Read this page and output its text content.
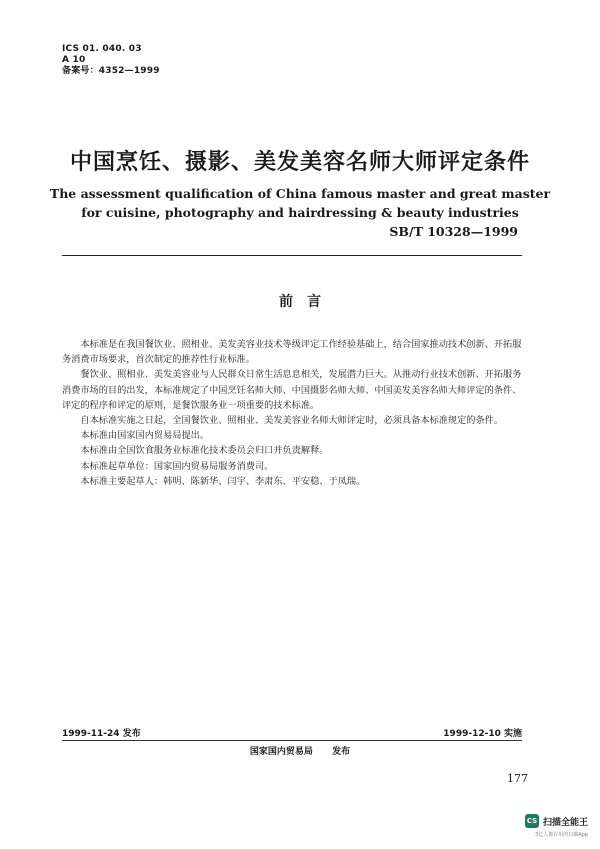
ICS 01. 040. 03
A 10
备案号：4352—1999
中国烹饪、摄影、美发美容名师大师评定条件
The assessment qualification of China famous master and great master
for cuisine, photography and hairdressing & beauty industries
SB/T 10328—1999
前言

本标准是在我国餐饮业、照相业、美发美容业技术等级评定工作经验基础上，结合国家推动技术创新、开拓服务消费市场要求，首次制定的推荐性行业标准。

餐饮业、照相业、美发美容业与人民群众日常生活息息相关，发展潜力巨大。从推动行业技术创新、开拓服务消费市场的目的出发，本标准规定了中国烹饪名师大师、中国摄影名师大师、中国美发美容名师大师评定的条件、评定的程序和评定的原则，是餐饮服务业一项重要的技术标准。

自本标准实施之日起，全国餐饮业、照相业、美发美容业名师大师评定时，必须具备本标准规定的条件。

本标准由国家国内贸易局提出。

本标准由全国饮食服务业标准化技术委员会归口并负责解释。

本标准起草单位：国家国内贸易局服务消费司。

本标准主要起草人：韩明、陈新华、闫宇、李肃东、平安稳、于凤瑞。

1999-11-24 发布	1999-12-10 实施
国家国内贸易局 发布
177
CS 扫描全能王
3亿人都在用的扫描App
